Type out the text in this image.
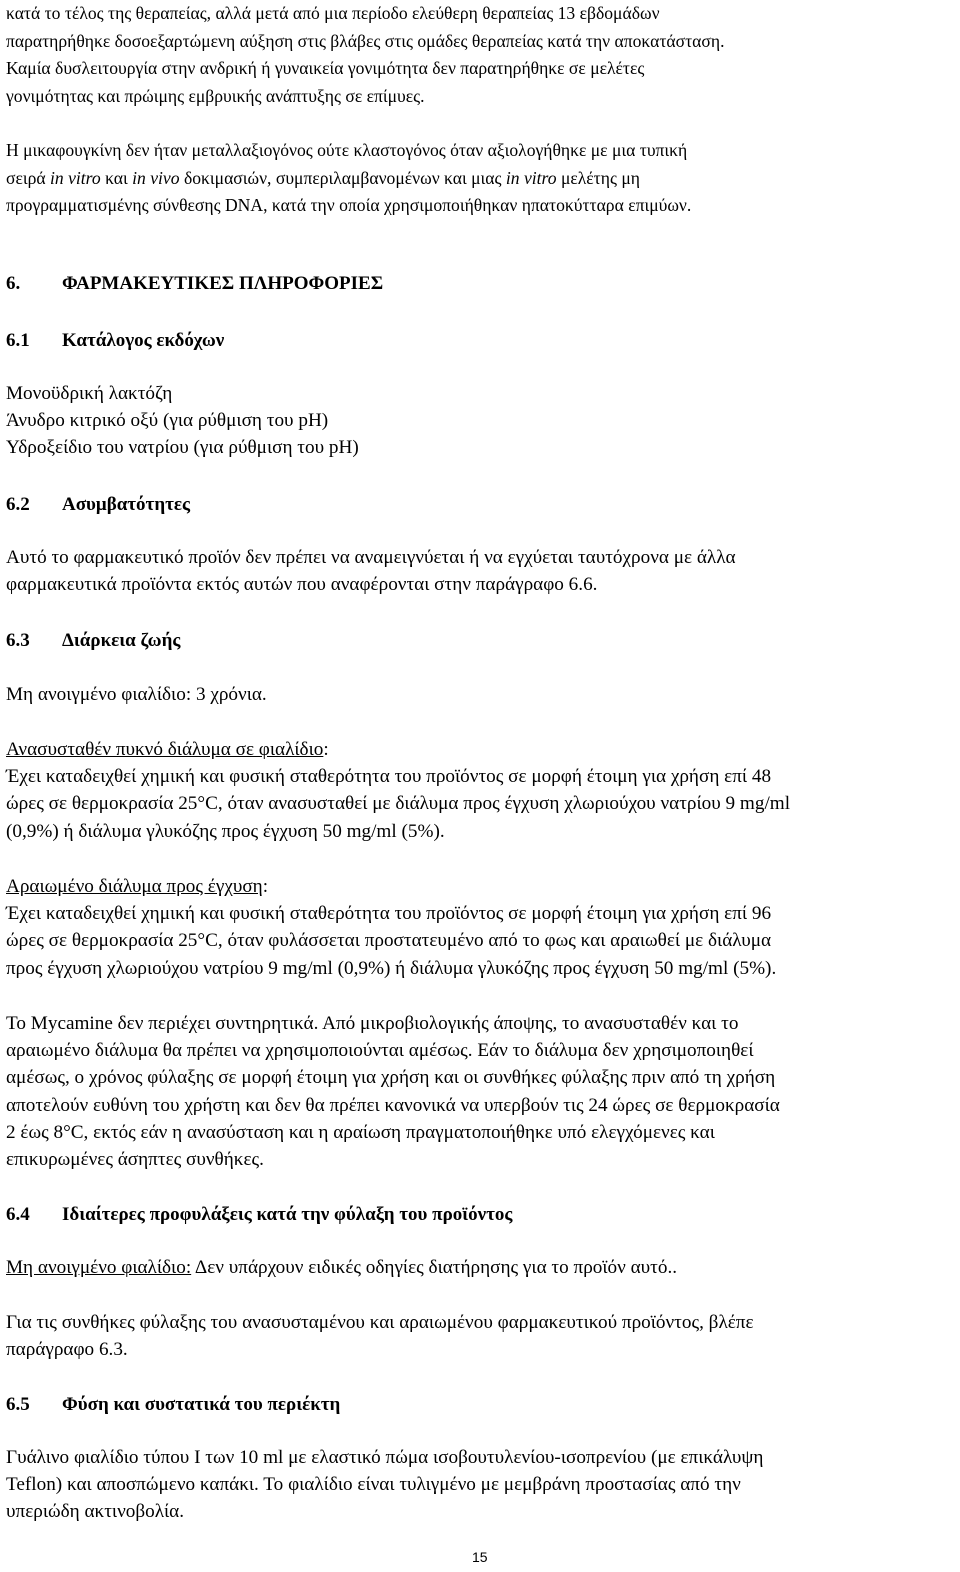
κατά το τέλος της θεραπείας, αλλά μετά από μια περίοδο ελεύθερη θεραπείας 13 εβδομάδων
παρατηρήθηκε δοσοεξαρτώμενη αύξηση στις βλάβες στις ομάδες θεραπείας κατά την αποκατάσταση.
Καμία δυσλειτουργία στην ανδρική ή γυναικεία γονιμότητα δεν παρατηρήθηκε σε μελέτες
γονιμότητας και πρώιμης εμβρυικής ανάπτυξης σε επίμυες.
Η μικαφουγκίνη δεν ήταν μεταλλαξιογόνος ούτε κλαστογόνος όταν αξιολογήθηκε με μια τυπική
σειρά in vitro και in vivo δοκιμασιών, συμπεριλαμβανομένων και μιας in vitro μελέτης μη
προγραμματισμένης σύνθεσης DNA, κατά την οποία χρησιμοποιήθηκαν ηπατοκύτταρα επιμύων.
6. ΦΑΡΜΑΚΕΥΤΙΚΕΣ ΠΛΗΡΟΦΟΡΙΕΣ
6.1 Κατάλογος εκδόχων
Μονοϋδρική λακτόζη
Άνυδρο κιτρικό οξύ (για ρύθμιση του pH)
Υδροξείδιο του νατρίου (για ρύθμιση του pH)
6.2 Ασυμβατότητες
Αυτό το φαρμακευτικό προϊόν δεν πρέπει να αναμειγνύεται ή να εγχύεται ταυτόχρονα με άλλα
φαρμακευτικά προϊόντα εκτός αυτών που αναφέρονται στην παράγραφο 6.6.
6.3 Διάρκεια ζωής
Μη ανοιγμένο φιαλίδιο: 3 χρόνια.
Ανασυσταθέν πυκνό διάλυμα σε φιαλίδιο:
Έχει καταδειχθεί χημική και φυσική σταθερότητα του προϊόντος σε μορφή έτοιμη για χρήση επί 48
ώρες σε θερμοκρασία 25°C, όταν ανασυσταθεί με διάλυμα προς έγχυση χλωριούχου νατρίου 9 mg/ml
(0,9%) ή διάλυμα γλυκόζης προς έγχυση 50 mg/ml (5%).
Αραιωμένο διάλυμα προς έγχυση:
Έχει καταδειχθεί χημική και φυσική σταθερότητα του προϊόντος σε μορφή έτοιμη για χρήση επί 96
ώρες σε θερμοκρασία 25°C, όταν φυλάσσεται προστατευμένο από το φως και αραιωθεί με διάλυμα
προς έγχυση χλωριούχου νατρίου 9 mg/ml (0,9%) ή διάλυμα γλυκόζης προς έγχυση 50 mg/ml (5%).
Το Mycamine δεν περιέχει συντηρητικά. Από μικροβιολογικής άποψης, το ανασυσταθέν και το
αραιωμένο διάλυμα θα πρέπει να χρησιμοποιούνται αμέσως. Εάν το διάλυμα δεν χρησιμοποιηθεί
αμέσως, ο χρόνος φύλαξης σε μορφή έτοιμη για χρήση και οι συνθήκες φύλαξης πριν από τη χρήση
αποτελούν ευθύνη του χρήστη και δεν θα πρέπει κανονικά να υπερβούν τις 24 ώρες σε θερμοκρασία
2 έως 8°C, εκτός εάν η ανασύσταση και η αραίωση πραγματοποιήθηκε υπό ελεγχόμενες και
επικυρωμένες άσηπτες συνθήκες.
6.4 Ιδιαίτερες προφυλάξεις κατά την φύλαξη του προϊόντος
Μη ανοιγμένο φιαλίδιο: Δεν υπάρχουν ειδικές οδηγίες διατήρησης για το προϊόν αυτό..
Για τις συνθήκες φύλαξης του ανασυσταμένου και αραιωμένου φαρμακευτικού προϊόντος, βλέπε
παράγραφο 6.3.
6.5 Φύση και συστατικά του περιέκτη
Γυάλινο φιαλίδιο τύπου Ι των 10 ml με ελαστικό πώμα ισοβουτυλενίου-ισοπρενίου (με επικάλυψη
Teflon) και αποσπώμενο καπάκι. Το φιαλίδιο είναι τυλιγμένο με μεμβράνη προστασίας από την
υπεριώδη ακτινοβολία.
15
